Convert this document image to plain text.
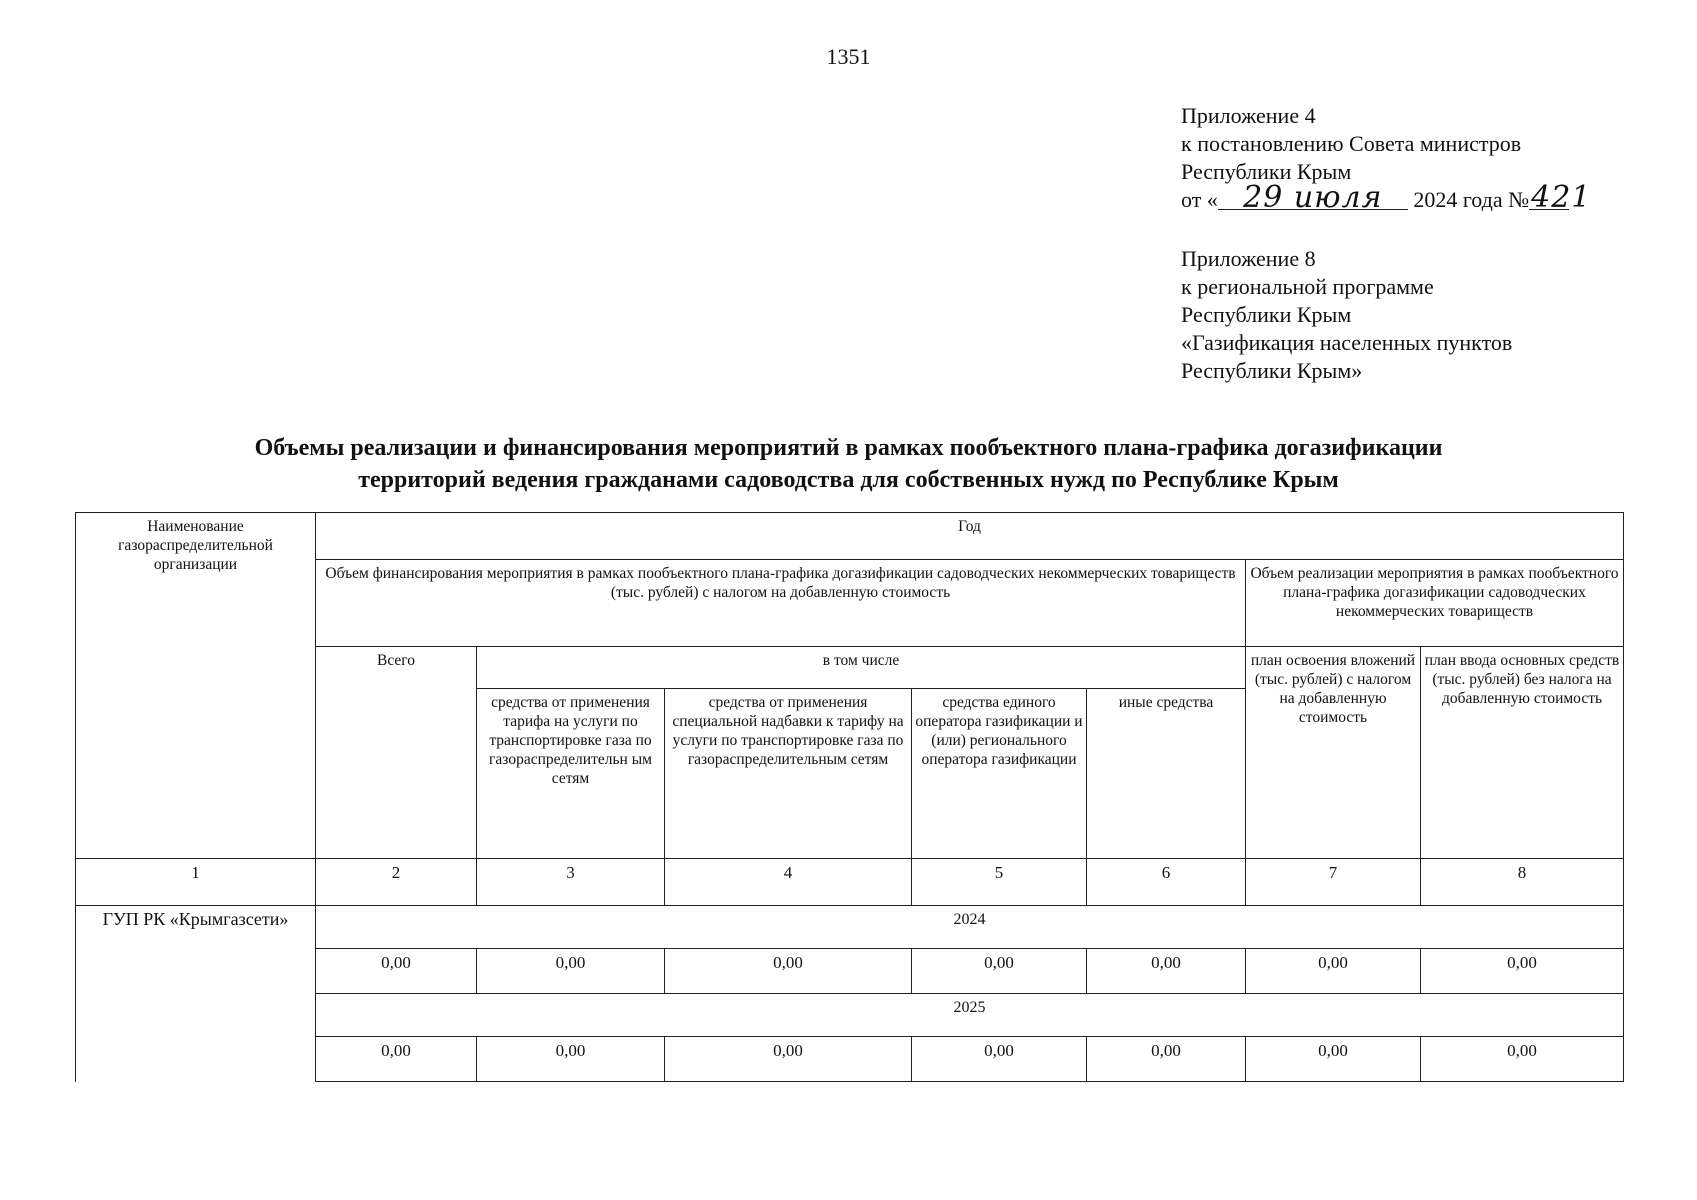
1351
Приложение 4
к постановлению Совета министров
Республики Крым
от « 29 июля 2024 года №421
Приложение 8
к региональной программе
Республики Крым
«Газификация населенных пунктов
Республики Крым»
Объемы реализации и финансирования мероприятий в рамках пообъектного плана-графика догазификации
территорий ведения гражданами садоводства для собственных нужд по Республике Крым
Наименование газораспределительной организации	Год						
	Объем финансирования мероприятия в рамках пообъектного плана-графика догазификации садоводческих некоммерческих товариществ (тыс. рублей) с налогом на добавленную стоимость					Объем реализации мероприятия в рамках пообъектного плана-графика догазификации садоводческих некоммерческих товариществ	
	Всего	в том числе				план освоения вложений (тыс. рублей) с налогом на добавленную стоимость	план ввода основных средств (тыс. рублей) без налога на добавленную стоимость
		средства от применения тарифа на услуги по транспортировке газа по газораспределительн ым сетям	средства от применения специальной надбавки к тарифу на услуги по транспортировке газа по газораспределительным сетям	средства единого оператора газификации и (или) регионального оператора газификации	иные средства		
1	2	3	4	5	6	7	8
ГУП РК «Крымгазсети»	2024						
	0,00	0,00	0,00	0,00	0,00	0,00	0,00
	2025						
	0,00	0,00	0,00	0,00	0,00	0,00	0,00
